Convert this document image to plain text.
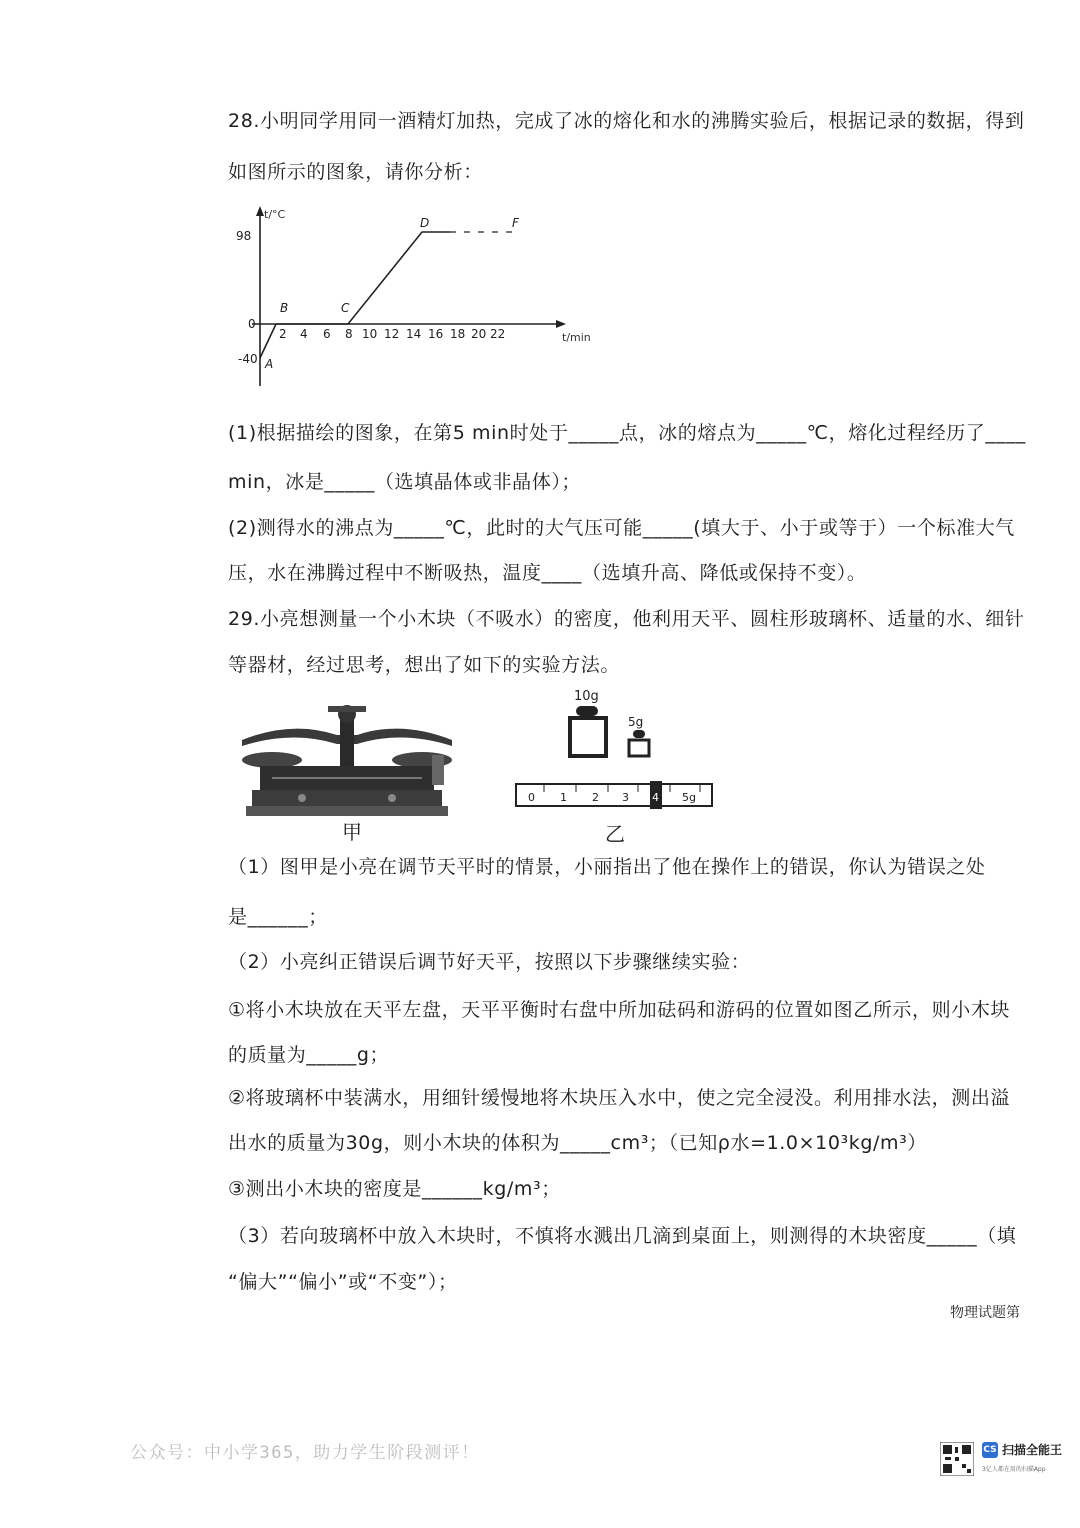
28.小明同学用同一酒精灯加热，完成了冰的熔化和水的沸腾实验后，根据记录的数据，得到
如图所示的图象，请你分析：
t/°C
t/min
98
0
-40
2 4 6 8 10 12 14 16 18 20 22
A
B	C
D	F
(1)根据描绘的图象，在第5 min时处于_____点，冰的熔点为_____℃，熔化过程经历了____
min，冰是_____（选填晶体或非晶体）；
(2)测得水的沸点为_____℃，此时的大气压可能_____(填大于、小于或等于）一个标准大气
压，水在沸腾过程中不断吸热，温度____（选填升高、降低或保持不变）。
29.小亮想测量一个小木块（不吸水）的密度，他利用天平、圆柱形玻璃杯、适量的水、细针
等器材，经过思考，想出了如下的实验方法。
甲
10g
5g
0 1 2 3 4 5g
乙
（1）图甲是小亮在调节天平时的情景，小丽指出了他在操作上的错误，你认为错误之处
是______；
（2）小亮纠正错误后调节好天平，按照以下步骤继续实验：
①将小木块放在天平左盘，天平平衡时右盘中所加砝码和游码的位置如图乙所示，则小木块
的质量为_____g；
②将玻璃杯中装满水，用细针缓慢地将木块压入水中，使之完全浸没。利用排水法，测出溢
出水的质量为30g，则小木块的体积为_____cm³；（已知ρ水=1.0×10³kg/m³）
③测出小木块的密度是______kg/m³；
（3）若向玻璃杯中放入木块时，不慎将水溅出几滴到桌面上，则测得的木块密度_____（填
“偏大”“偏小”或“不变”）；
物理试题第
公众号：中小学365，助力学生阶段测评！	CS 扫描全能王
3亿人都在用的扫描App
